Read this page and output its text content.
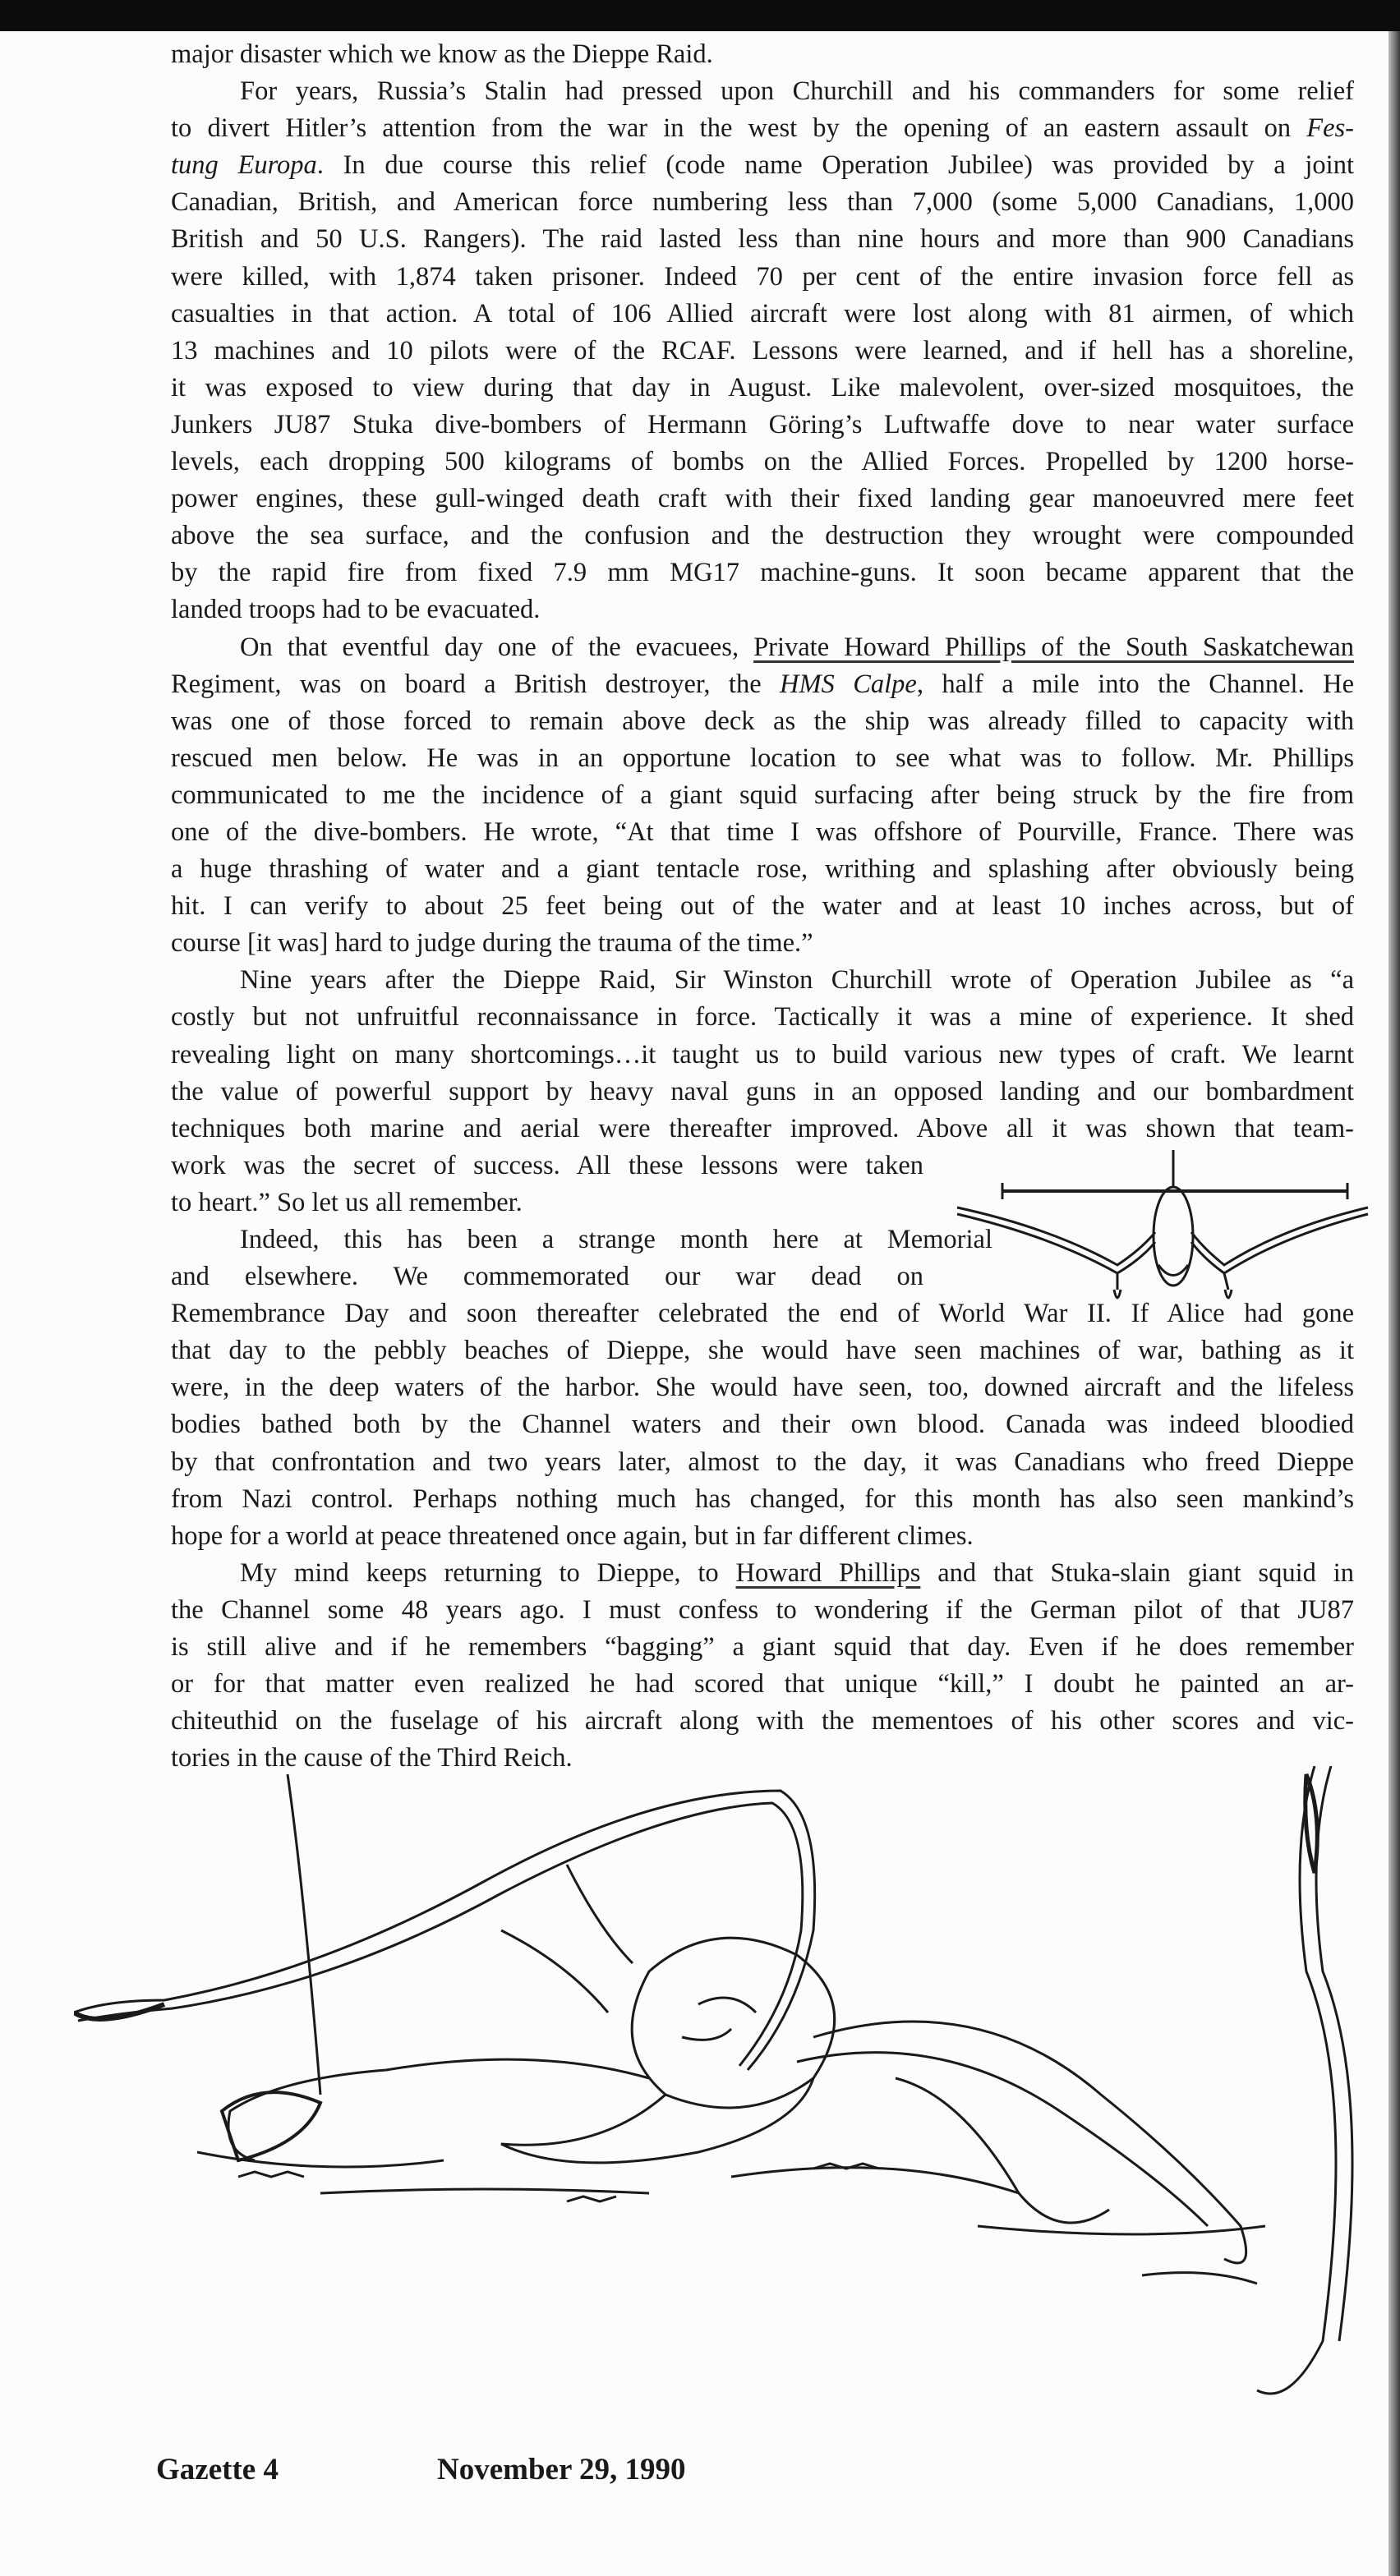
major disaster which we know as the Dieppe Raid.
For years, Russia’s Stalin had pressed upon Churchill and his commanders for some relief
to divert Hitler’s attention from the war in the west by the opening of an eastern assault on Fes-
tung Europa. In due course this relief (code name Operation Jubilee) was provided by a joint
Canadian, British, and American force numbering less than 7,000 (some 5,000 Canadians, 1,000
British and 50 U.S. Rangers). The raid lasted less than nine hours and more than 900 Canadians
were killed, with 1,874 taken prisoner. Indeed 70 per cent of the entire invasion force fell as
casualties in that action. A total of 106 Allied aircraft were lost along with 81 airmen, of which
13 machines and 10 pilots were of the RCAF. Lessons were learned, and if hell has a shoreline,
it was exposed to view during that day in August. Like malevolent, over-sized mosquitoes, the
Junkers JU87 Stuka dive-bombers of Hermann Göring’s Luftwaffe dove to near water surface
levels, each dropping 500 kilograms of bombs on the Allied Forces. Propelled by 1200 horse-
power engines, these gull-winged death craft with their fixed landing gear manoeuvred mere feet
above the sea surface, and the confusion and the destruction they wrought were compounded
by the rapid fire from fixed 7.9 mm MG17 machine-guns. It soon became apparent that the
landed troops had to be evacuated.
On that eventful day one of the evacuees, Private Howard Phillips of the South Saskatchewan
Regiment, was on board a British destroyer, the HMS Calpe, half a mile into the Channel. He
was one of those forced to remain above deck as the ship was already filled to capacity with
rescued men below. He was in an opportune location to see what was to follow. Mr. Phillips
communicated to me the incidence of a giant squid surfacing after being struck by the fire from
one of the dive-bombers. He wrote, “At that time I was offshore of Pourville, France. There was
a huge thrashing of water and a giant tentacle rose, writhing and splashing after obviously being
hit. I can verify to about 25 feet being out of the water and at least 10 inches across, but of
course [it was] hard to judge during the trauma of the time.”
Nine years after the Dieppe Raid, Sir Winston Churchill wrote of Operation Jubilee as “a
costly but not unfruitful reconnaissance in force. Tactically it was a mine of experience. It shed
revealing light on many shortcomings…it taught us to build various new types of craft. We learnt
the value of powerful support by heavy naval guns in an opposed landing and our bombardment
techniques both marine and aerial were thereafter improved. Above all it was shown that team-
work was the secret of success. All these lessons were taken
to heart.” So let us all remember.
Indeed, this has been a strange month here at Memorial
and elsewhere. We commemorated our war dead on
Remembrance Day and soon thereafter celebrated the end of World War II. If Alice had gone
that day to the pebbly beaches of Dieppe, she would have seen machines of war, bathing as it
were, in the deep waters of the harbor. She would have seen, too, downed aircraft and the lifeless
bodies bathed both by the Channel waters and their own blood. Canada was indeed bloodied
by that confrontation and two years later, almost to the day, it was Canadians who freed Dieppe
from Nazi control. Perhaps nothing much has changed, for this month has also seen mankind’s
hope for a world at peace threatened once again, but in far different climes.
My mind keeps returning to Dieppe, to Howard Phillips and that Stuka-slain giant squid in
the Channel some 48 years ago. I must confess to wondering if the German pilot of that JU87
is still alive and if he remembers “bagging” a giant squid that day. Even if he does remember
or for that matter even realized he had scored that unique “kill,” I doubt he painted an ar-
chiteuthid on the fuselage of his aircraft along with the mementoes of his other scores and vic-
tories in the cause of the Third Reich.
Gazette 4	November 29, 1990
